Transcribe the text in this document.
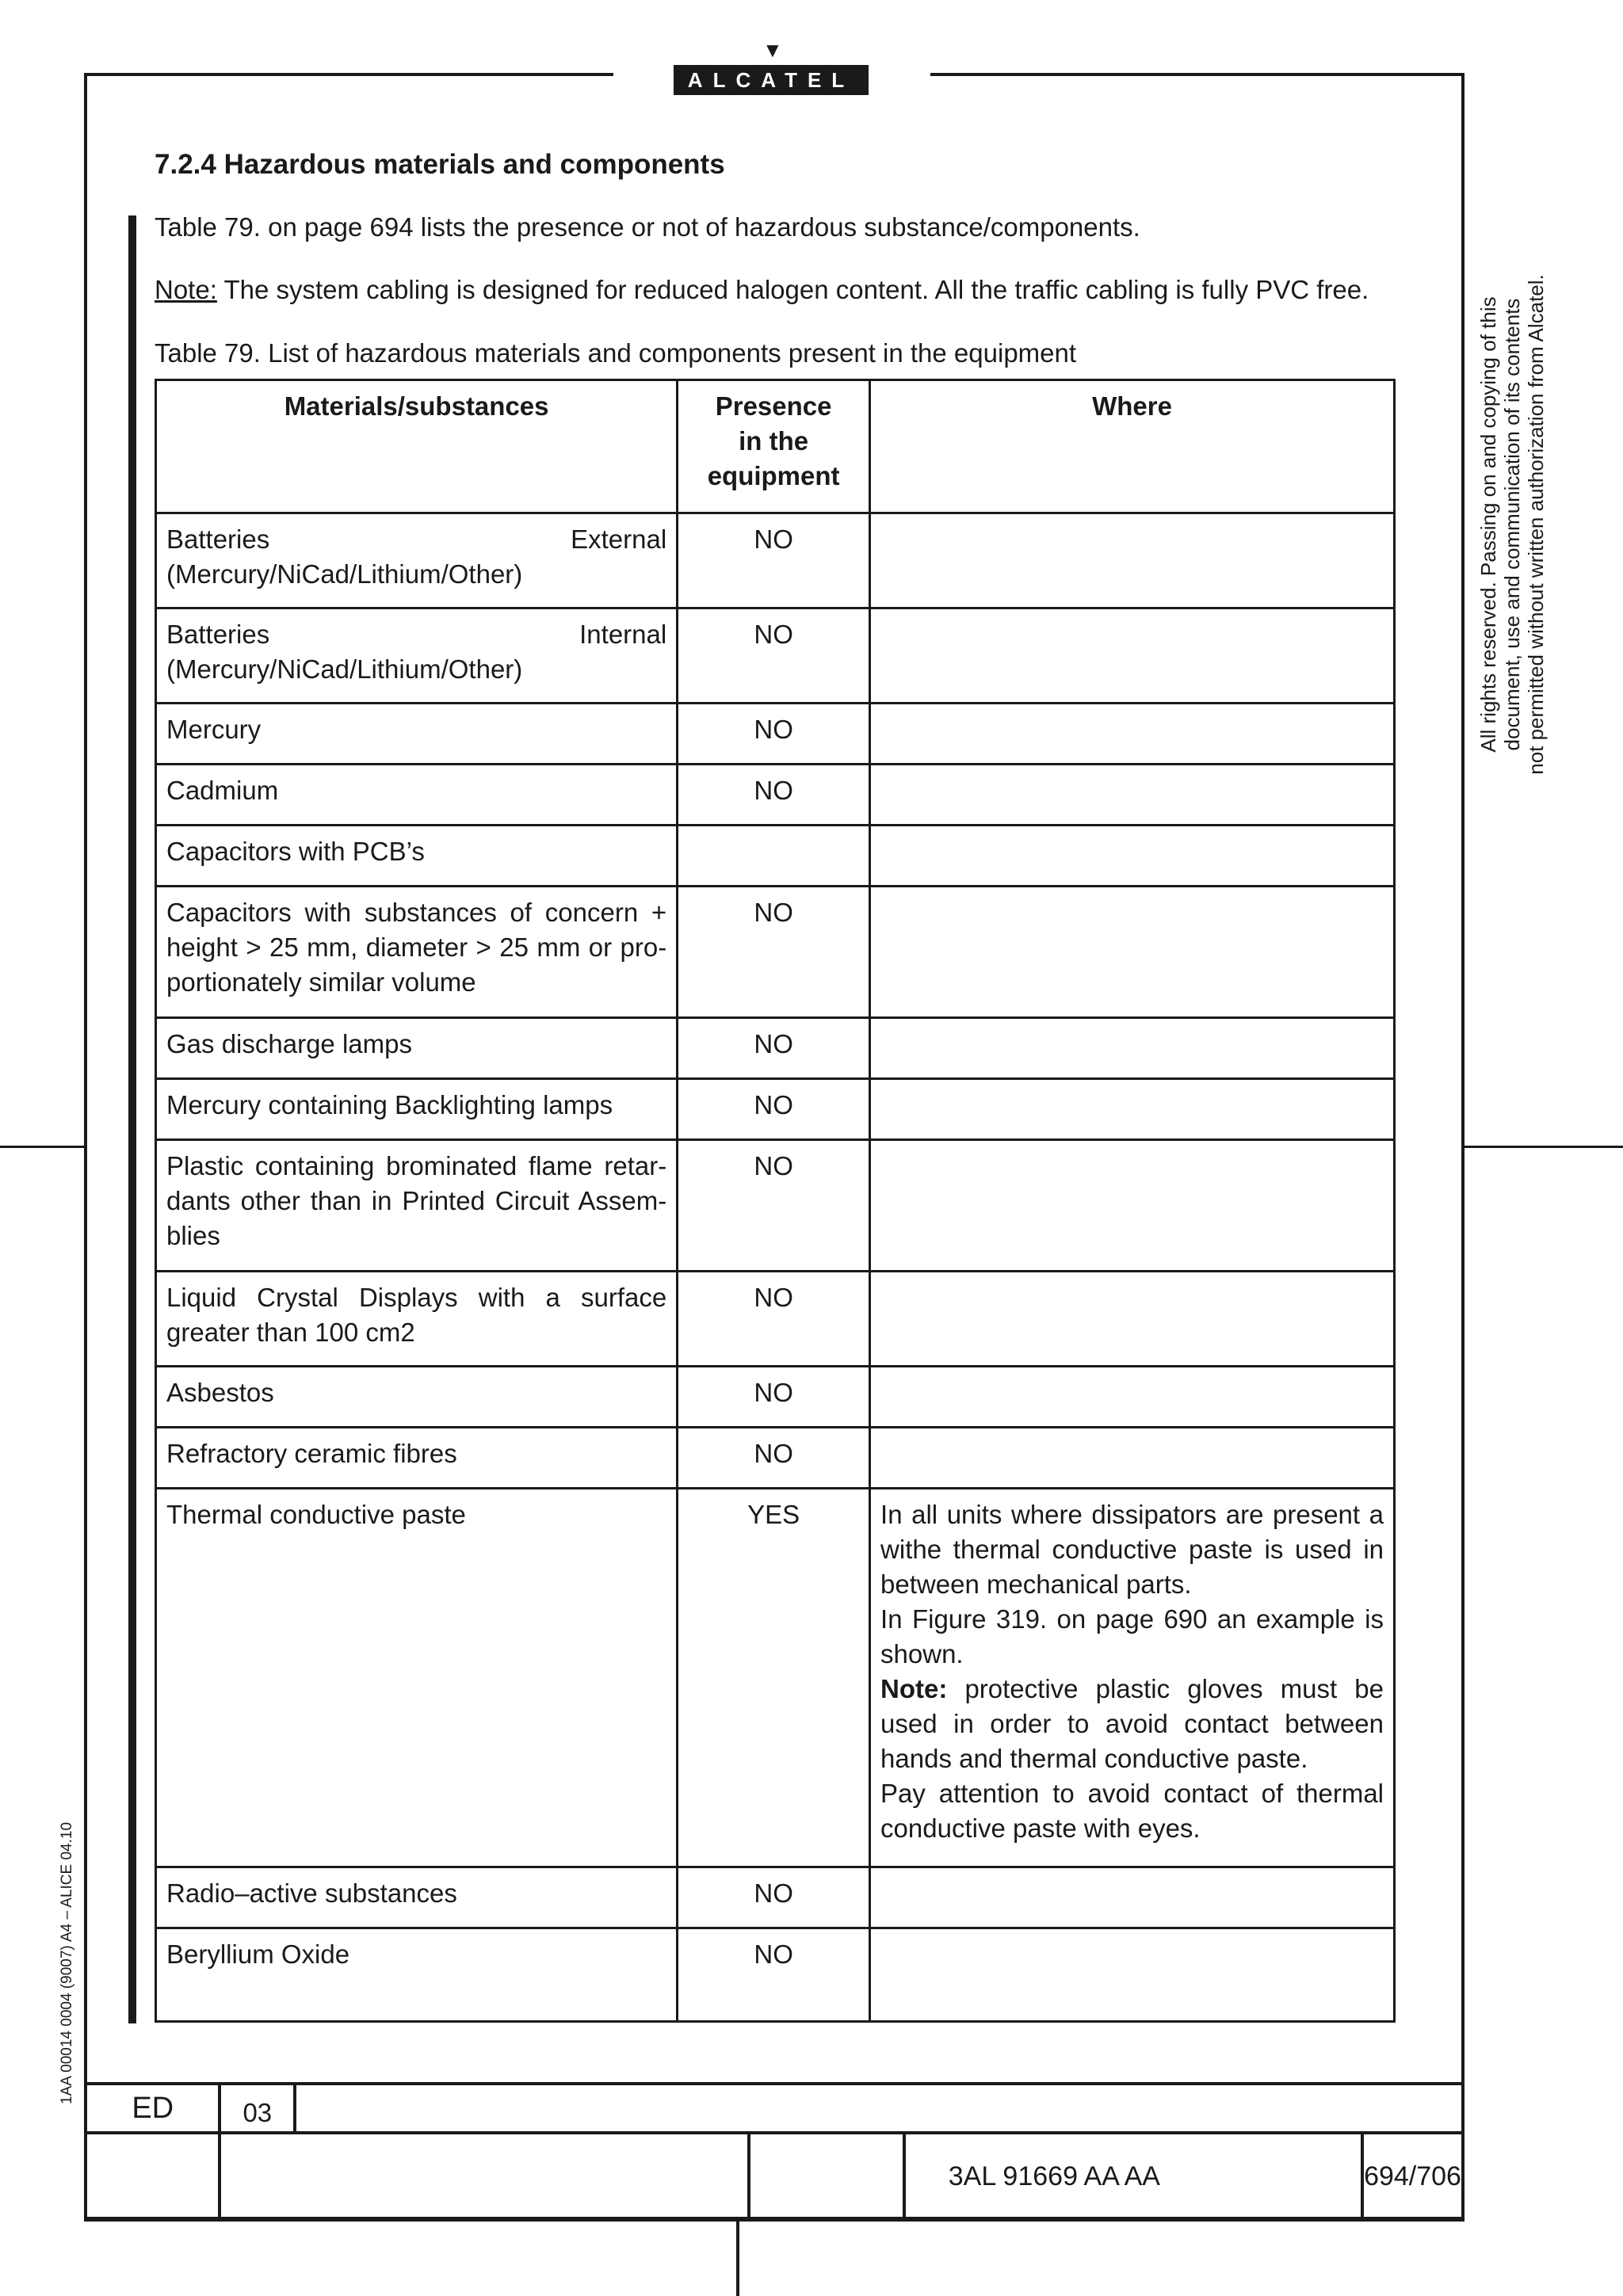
▼
ALCATEL
7.2.4 Hazardous materials and components
Table 79. on page 694 lists the presence or not of hazardous substance/components.
Note: The system cabling is designed for reduced halogen content. All the traffic cabling is fully PVC free.
Table 79. List of hazardous materials and components present in the equipment
Materials/substances	Presence in the equipment	Where
Batteries External (Mercury/NiCad/Lithium/Other)	NO	
Batteries Internal (Mercury/NiCad/Lithium/Other)	NO	
Mercury	NO	
Cadmium	NO	
Capacitors with PCB’s		
Capacitors with substances of concern + height > 25 mm, diameter > 25 mm or pro-portionately similar volume	NO	
Gas discharge lamps	NO	
Mercury containing Backlighting lamps	NO	
Plastic containing brominated flame retar-dants other than in Printed Circuit Assem-blies	NO	
Liquid Crystal Displays with a surface greater than 100 cm2	NO	
Asbestos	NO	
Refractory ceramic fibres	NO	
Thermal conductive paste	YES	In all units where dissipators are present a withe thermal conductive paste is used in between mechanical parts.
In Figure 319. on page 690 an example is shown.
Note: protective plastic gloves must be used in order to avoid contact between hands and thermal conductive paste.
Pay attention to avoid contact of thermal conductive paste with eyes.

Radio–active substances	NO	
Beryllium Oxide	NO	
All rights reserved. Passing on and copying of this document, use and communication of its contents not permitted without written authorization from Alcatel.
1AA 00014 0004 (9007) A4 – ALICE 04.10
ED	03				
				3AL 91669 AA AA	694/706
